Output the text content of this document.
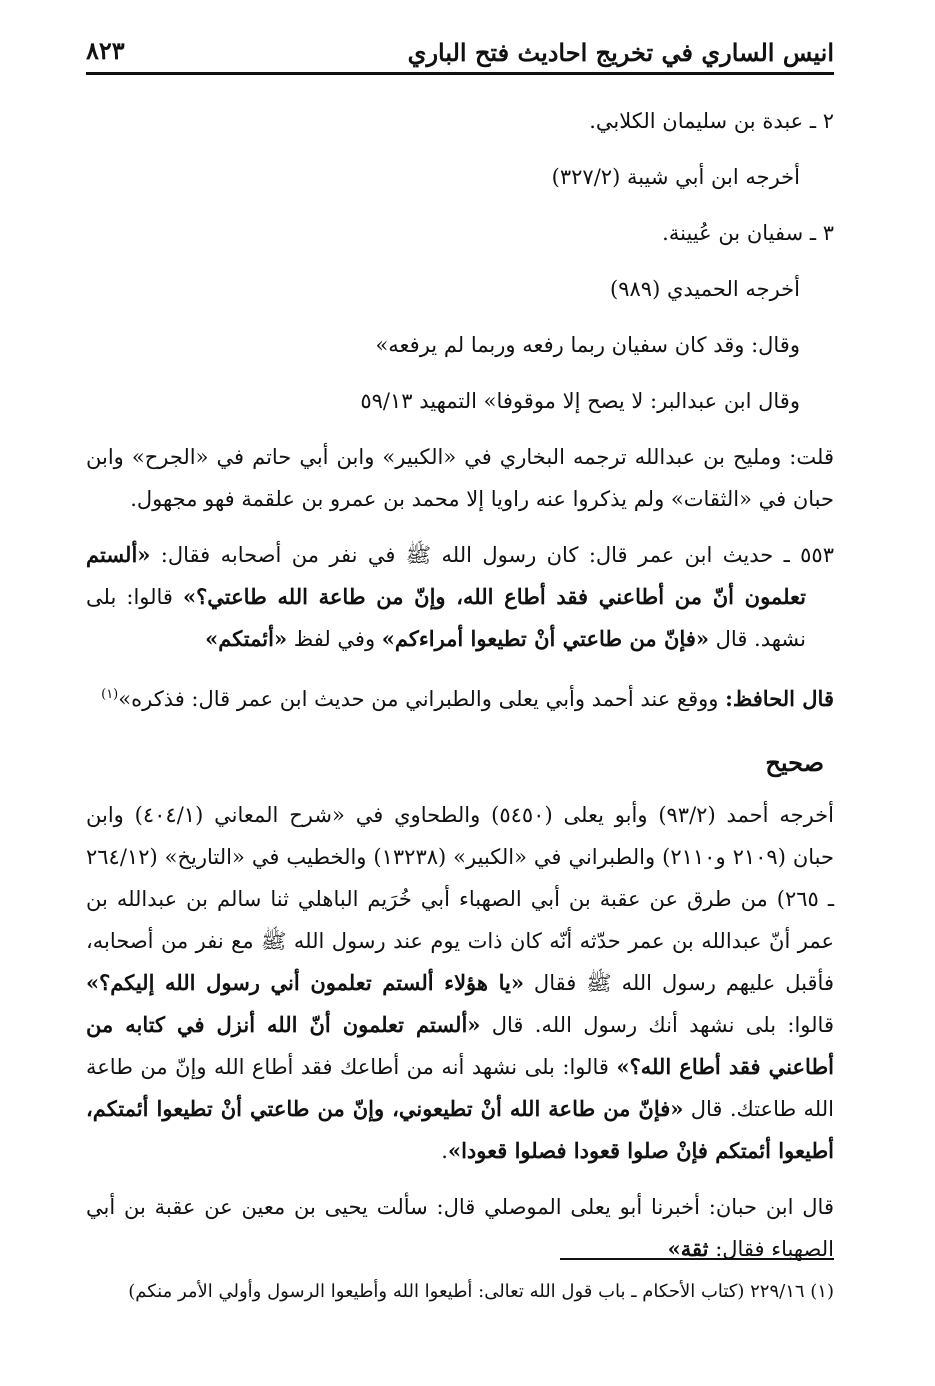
انيس الساري في تخريج احاديث فتح الباري
٨٢٣

٢ ـ عبدة بن سليمان الكلابي.

أخرجه ابن أبي شيبة (٣٢٧/٢)

٣ ـ سفيان بن عُيينة.

أخرجه الحميدي (٩٨٩)

وقال: وقد كان سفيان ربما رفعه وربما لم يرفعه»

وقال ابن عبدالبر: لا يصح إلا موقوفا» التمهيد ٥٩/١٣

قلت: ومليح بن عبدالله ترجمه البخاري في «الكبير» وابن أبي حاتم في «الجرح» وابن حبان في «الثقات» ولم يذكروا عنه راويا إلا محمد بن عمرو بن علقمة فهو مجهول.

٥٥٣ ـ حديث ابن عمر قال: كان رسول الله ﷺ في نفر من أصحابه فقال: «ألستم تعلمون أنّ من أطاعني فقد أطاع الله، وإنّ من طاعة الله طاعتي؟» قالوا: بلى نشهد. قال «فإنّ من طاعتي أنْ تطيعوا أمراءكم» وفي لفظ «أئمتكم»

قال الحافظ: ووقع عند أحمد وأبي يعلى والطبراني من حديث ابن عمر قال: فذكره»$^{(١)}$

صحيح

أخرجه أحمد (٩٣/٢) وأبو يعلى (٥٤٥٠) والطحاوي في «شرح المعاني (٤٠٤/١) وابن حبان (٢١٠٩ و٢١١٠) والطبراني في «الكبير» (١٣٢٣٨) والخطيب في «التاريخ» (٢٦٤/١٢ ـ ٢٦٥) من طرق عن عقبة بن أبي الصهباء أبي خُرَيم الباهلي ثنا سالم بن عبدالله بن عمر أنّ عبدالله بن عمر حدّثه أنّه كان ذات يوم عند رسول الله ﷺ مع نفر من أصحابه، فأقبل عليهم رسول الله ﷺ فقال «يا هؤلاء ألستم تعلمون أني رسول الله إليكم؟» قالوا: بلى نشهد أنك رسول الله. قال «ألستم تعلمون أنّ الله أنزل في كتابه من أطاعني فقد أطاع الله؟» قالوا: بلى نشهد أنه من أطاعك فقد أطاع الله وإنّ من طاعة الله طاعتك. قال «فإنّ من طاعة الله أنْ تطيعوني، وإنّ من طاعتي أنْ تطيعوا أئمتكم، أطيعوا أئمتكم فإنْ صلوا قعودا فصلوا قعودا».

قال ابن حبان: أخبرنا أبو يعلى الموصلي قال: سألت يحيى بن معين عن عقبة بن أبي الصهباء فقال: ثقة»

(١) ٢٢٩/١٦ (كتاب الأحكام ـ باب قول الله تعالى: أطيعوا الله وأطيعوا الرسول وأولي الأمر منكم)
